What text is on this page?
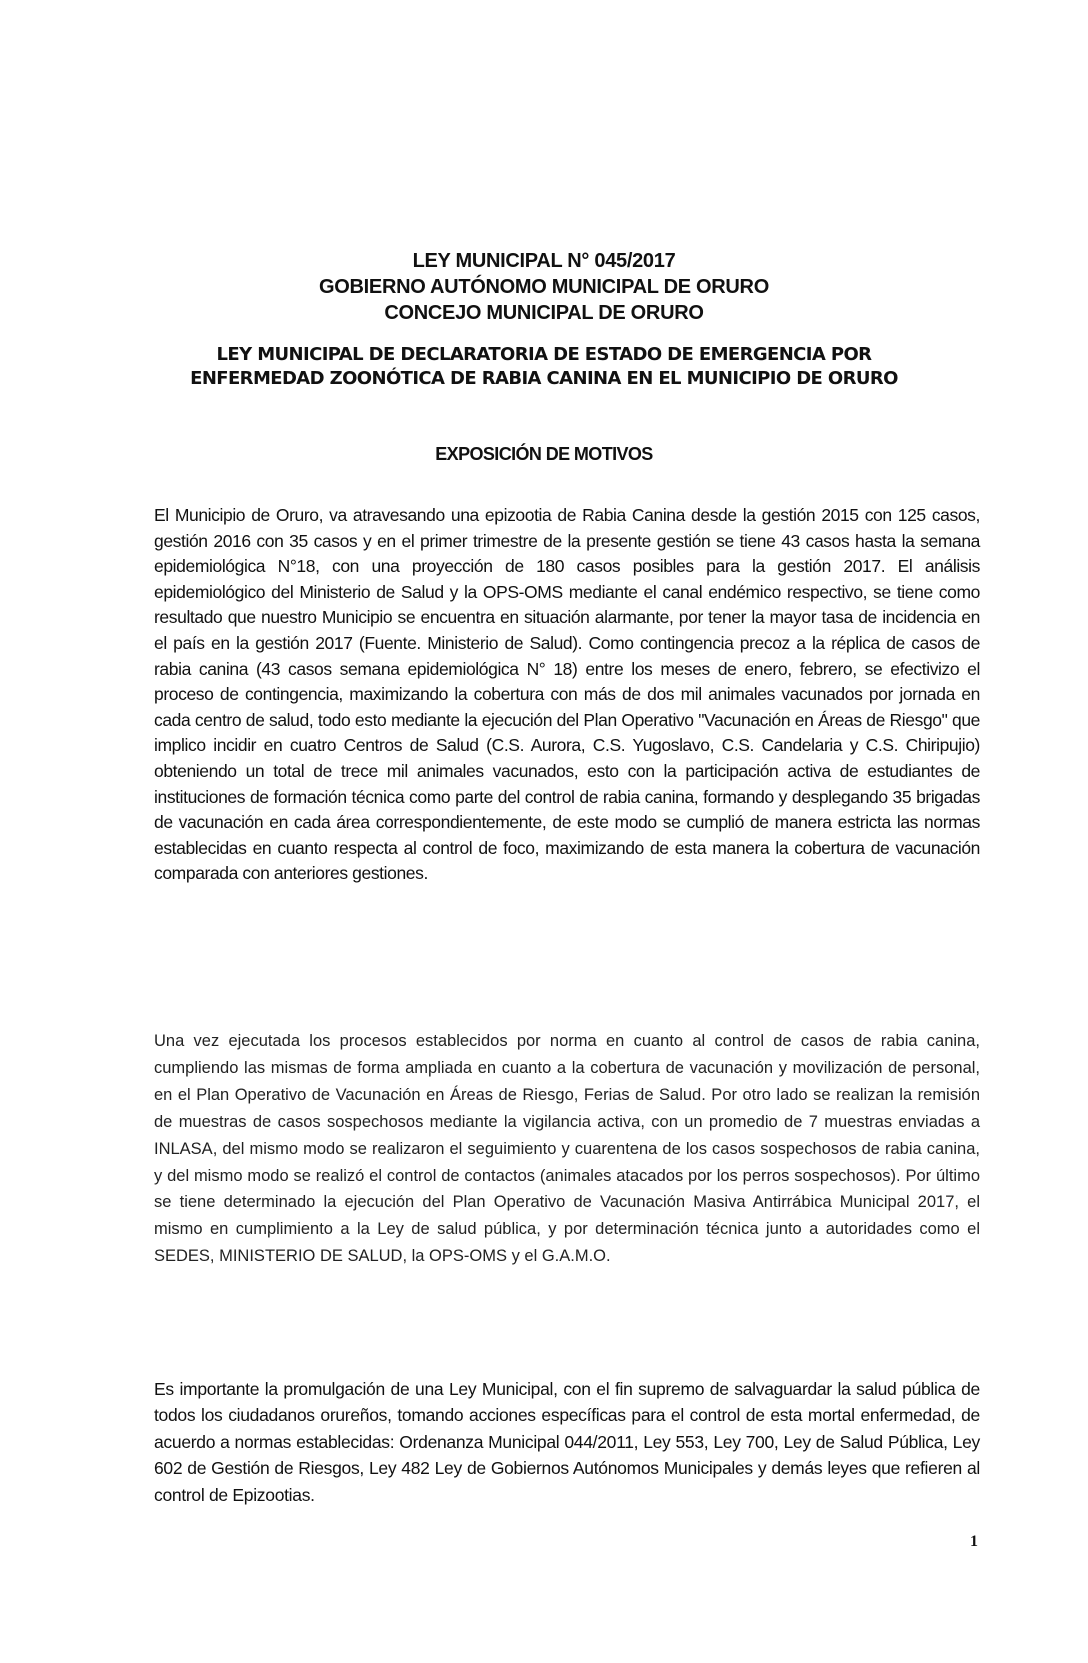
LEY MUNICIPAL N° 045/2017
GOBIERNO AUTÓNOMO MUNICIPAL DE ORURO
CONCEJO MUNICIPAL DE ORURO
LEY MUNICIPAL DE DECLARATORIA DE ESTADO DE EMERGENCIA POR
ENFERMEDAD ZOONÓTICA DE RABIA CANINA EN EL MUNICIPIO DE ORURO
EXPOSICIÓN DE MOTIVOS

El Municipio de Oruro, va atravesando una epizootia de Rabia Canina desde la gestión 2015 con 125 casos, gestión 2016 con 35 casos y en el primer trimestre de la presente gestión se tiene 43 casos hasta la semana epidemiológica N°18, con una proyección de 180 casos posibles para la gestión 2017. El análisis epidemiológico del Ministerio de Salud y la OPS-OMS mediante el canal endémico respectivo, se tiene como resultado que nuestro Municipio se encuentra en situación alarmante, por tener la mayor tasa de incidencia en el país en la gestión 2017 (Fuente. Ministerio de Salud). Como contingencia precoz a la réplica de casos de rabia canina (43 casos semana epidemiológica N° 18) entre los meses de enero, febrero, se efectivizo el proceso de contingencia, maximizando la cobertura con más de dos mil animales vacunados por jornada en cada centro de salud, todo esto mediante la ejecución del Plan Operativo "Vacunación en Áreas de Riesgo" que implico incidir en cuatro Centros de Salud (C.S. Aurora, C.S. Yugoslavo, C.S. Candelaria y C.S. Chiripujio) obteniendo un total de trece mil animales vacunados, esto con la participación activa de estudiantes de instituciones de formación técnica como parte del control de rabia canina, formando y desplegando 35 brigadas de vacunación en cada área correspondientemente, de este modo se cumplió de manera estricta las normas establecidas en cuanto respecta al control de foco, maximizando de esta manera la cobertura de vacunación comparada con anteriores gestiones.

Una vez ejecutada los procesos establecidos por norma en cuanto al control de casos de rabia canina, cumpliendo las mismas de forma ampliada en cuanto a la cobertura de vacunación y movilización de personal, en el Plan Operativo de Vacunación en Áreas de Riesgo, Ferias de Salud. Por otro lado se realizan la remisión de muestras de casos sospechosos mediante la vigilancia activa, con un promedio de 7 muestras enviadas a INLASA, del mismo modo se realizaron el seguimiento y cuarentena de los casos sospechosos de rabia canina, y del mismo modo se realizó el control de contactos (animales atacados por los perros sospechosos). Por último se tiene determinado la ejecución del Plan Operativo de Vacunación Masiva Antirrábica Municipal 2017, el mismo en cumplimiento a la Ley de salud pública, y por determinación técnica junto a autoridades como el SEDES, MINISTERIO DE SALUD, la OPS-OMS y el G.A.M.O.

Es importante la promulgación de una Ley Municipal, con el fin supremo de salvaguardar la salud pública de todos los ciudadanos orureños, tomando acciones específicas para el control de esta mortal enfermedad, de acuerdo a normas establecidas: Ordenanza Municipal 044/2011, Ley 553, Ley 700, Ley de Salud Pública, Ley 602 de Gestión de Riesgos, Ley 482 Ley de Gobiernos Autónomos Municipales y demás leyes que refieren al control de Epizootias.

1
